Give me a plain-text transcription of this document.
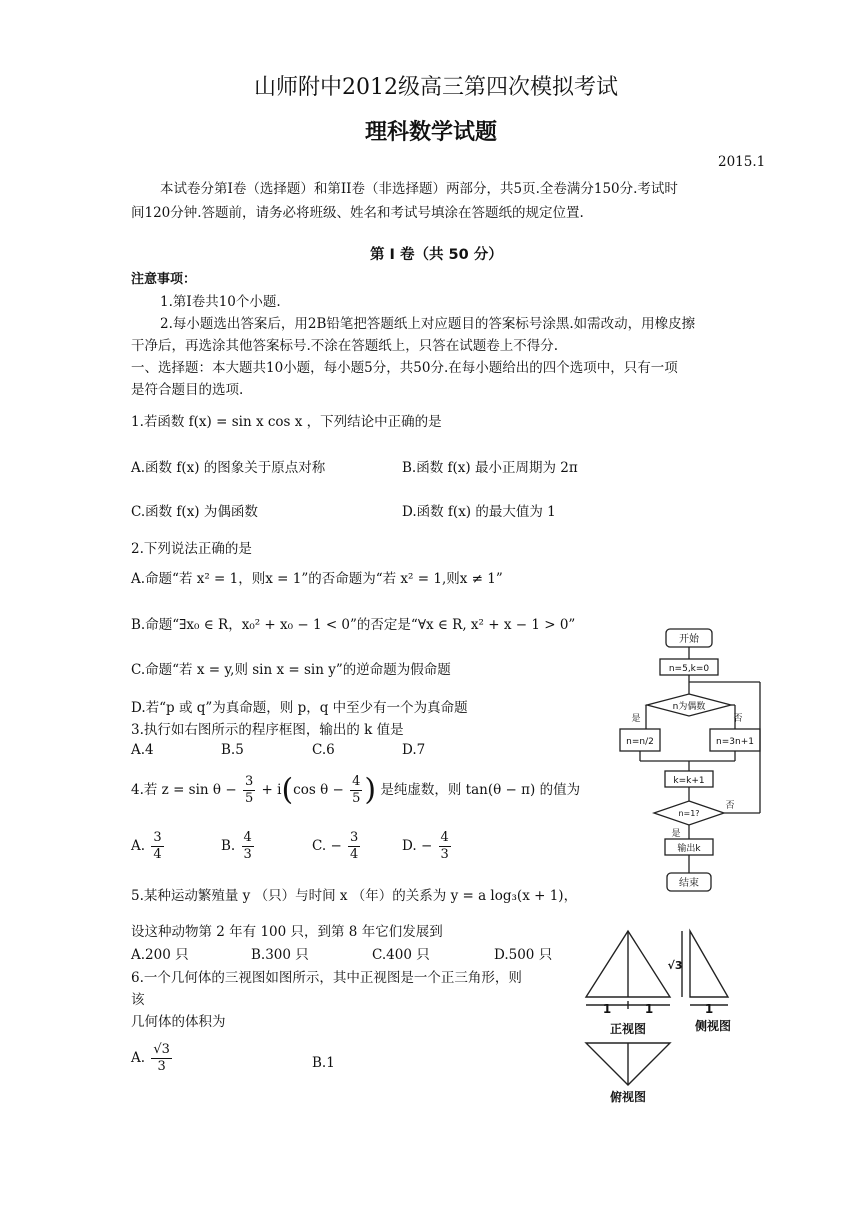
山师附中2012级高三第四次模拟考试
理科数学试题
2015.1
本试卷分第I卷（选择题）和第II卷（非选择题）两部分，共5页.全卷满分150分.考试时
间120分钟.答题前，请务必将班级、姓名和考试号填涂在答题纸的规定位置.
第 I 卷（共 50 分）
注意事项：
1.第I卷共10个小题.
2.每小题选出答案后，用2B铅笔把答题纸上对应题目的答案标号涂黑.如需改动，用橡皮擦
干净后，再选涂其他答案标号.不涂在答题纸上，只答在试题卷上不得分.
一、选择题：本大题共10小题，每小题5分，共50分.在每小题给出的四个选项中，只有一项
是符合题目的选项.
1.若函数 f(x) = sin x cos x ，下列结论中正确的是
A.函数 f(x) 的图象关于原点对称	B.函数 f(x) 最小正周期为 2π
C.函数 f(x) 为偶函数	D.函数 f(x) 的最大值为 1
2.下列说法正确的是
A.命题“若 x² = 1，则x = 1”的否命题为“若 x² = 1,则x ≠ 1”
B.命题“∃x₀ ∈ R，x₀² + x₀ − 1 < 0”的否定是“∀x ∈ R, x² + x − 1 > 0”
C.命题“若 x = y,则 sin x = sin y”的逆命题为假命题
D.若“p 或 q”为真命题，则 p，q 中至少有一个为真命题
3.执行如右图所示的程序框图，输出的 k 值是
A.4	B.5	C.6	D.7
4.若 $z = \sin \theta - \frac{3}{5} + i(\cos$ $\theta - \frac{4}{5}$ ) 是纯虚数，则 tan(θ − π) 的值为
A. $\frac{3}{4}$	B. $\frac{4}{3}$	C. − $\frac{3}{4}$	D. − $\frac{4}{3}$
5.某种运动繁殖量 y （只）与时间 x （年）的关系为 y = a log₃(x + 1)，
设这种动物第 2 年有 100 只，到第 8 年它们发展到
A.200 只	B.300 只	C.400 只	D.500 只
6.一个几何体的三视图如图所示，其中正视图是一个正三角形，则
该
几何体的体积为
A. $\frac{√3}{3}$	B.1
开始
n=5,k=0
n为偶数
是	否
n=n/2	n=3n+1
k=k+1
n=1?
是
否
输出k
结束
1	1	1
√3
正视图	侧视图
俯视图
